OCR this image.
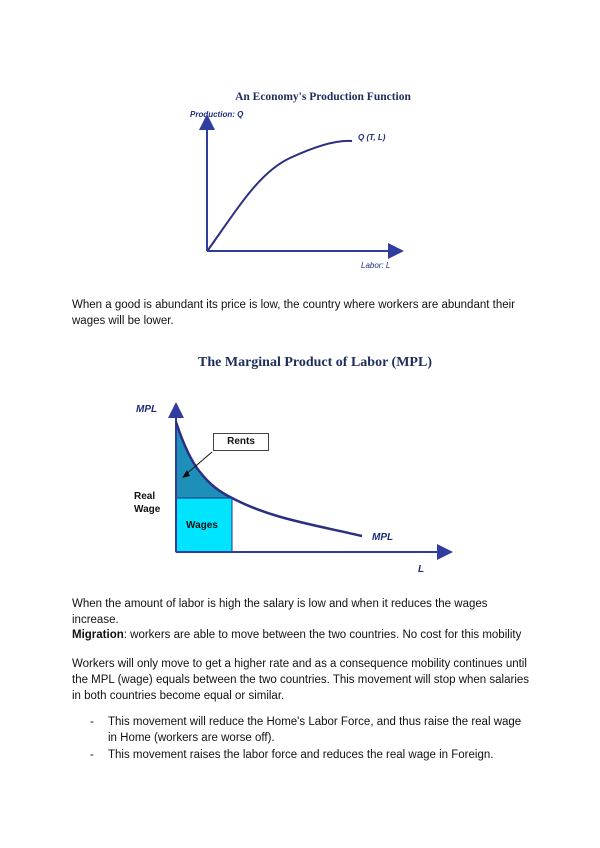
An Economy's Production Function
Production: Q
Q (T, L)
Labor: L
When a good is abundant its price is low, the country where workers are abundant their wages will be lower.
The Marginal Product of Labor (MPL)
MPL
Real
Wage
MPL
L
Rents
Wages
When the amount of labor is high the salary is low and when it reduces the wages increase.
Migration: workers are able to move between the two countries. No cost for this mobility
Workers will only move to get a higher rate and as a consequence mobility continues until the MPL (wage) equals between the two countries. This movement will stop when salaries in both countries become equal or similar.
- This movement will reduce the Home's Labor Force, and thus raise the real wage in Home (workers are worse off).
- This movement raises the labor force and reduces the real wage in Foreign.
